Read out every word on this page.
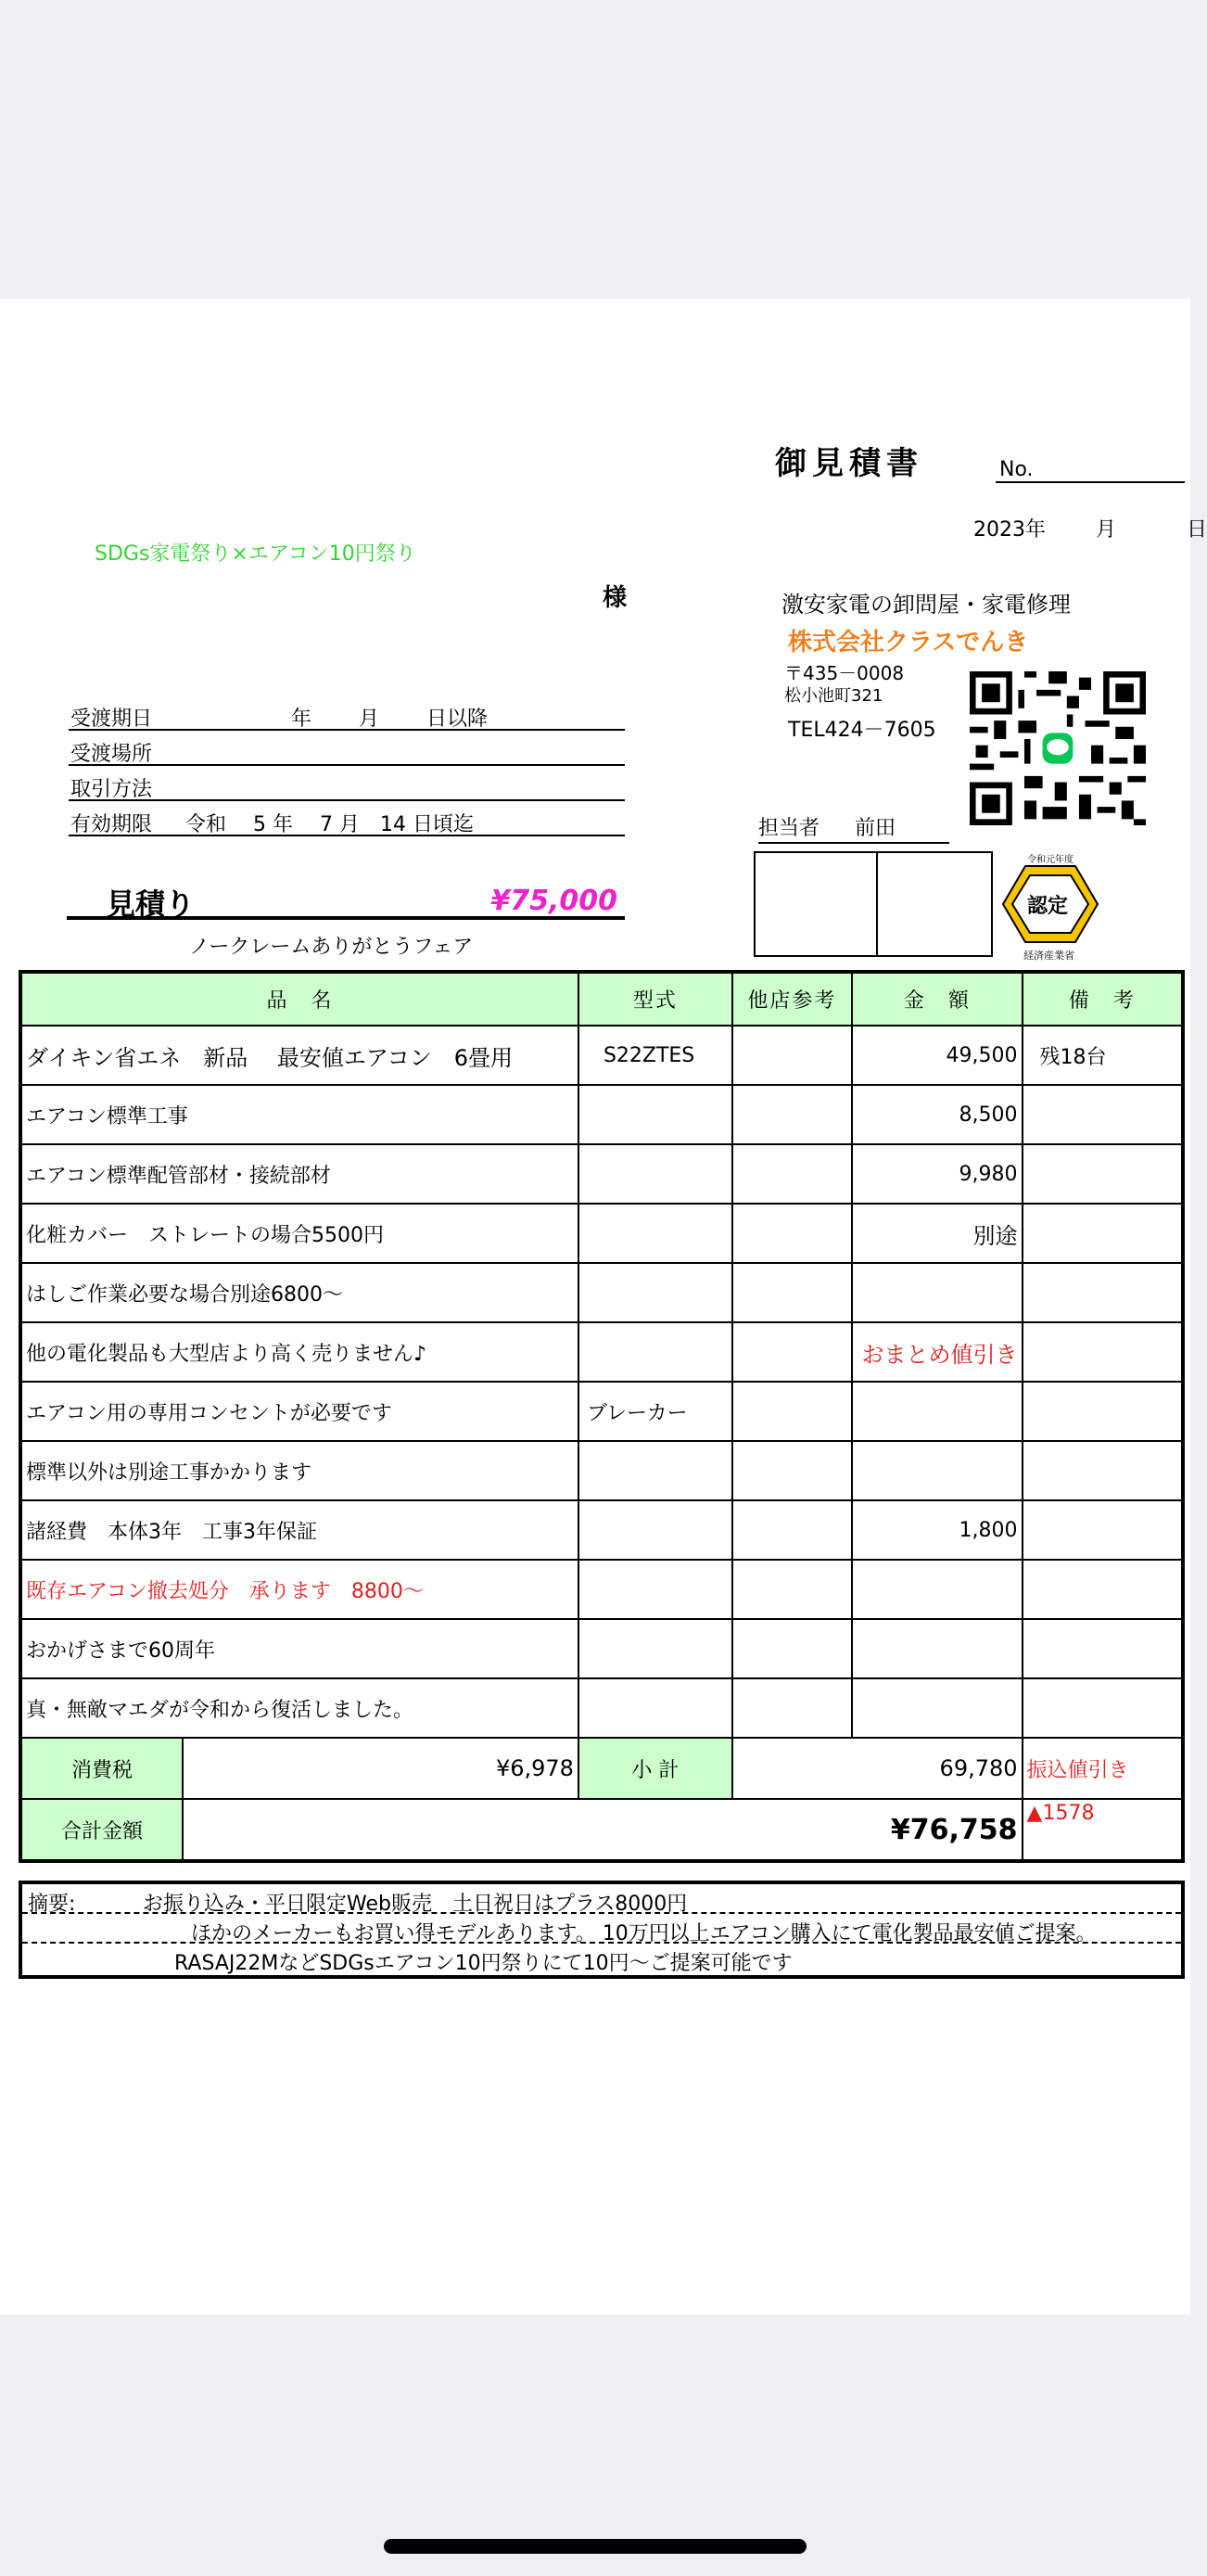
御見積書	No.
2023年 月	日
SDGs家電祭り×エアコン10円祭り
様	激安家電の卸問屋・家電修理
株式会社クラスでんき
〒435－0008
松小池町321
TEL424－7605
受渡期日	年　　 月　　 日以降
受渡場所
取引方法
有効期限 令和　 5 年　 7 月　14 日頃迄	担当者 前田
令和元年度
認定
経済産業省
見積り	¥75,000
ノークレームありがとうフェア
品　名	型式	他店参考	金　額	備　考
ダイキン省エネ　新品　 最安値エアコン　6畳用	S22ZTES		49,500	残18台
エアコン標準工事			8,500	
エアコン標準配管部材・接続部材			9,980	
化粧カバー　ストレートの場合5500円			別途	
はしご作業必要な場合別途6800～				
他の電化製品も大型店より高く売りません♪			おまとめ値引き	
エアコン用の専用コンセントが必要です	ブレーカー			
標準以外は別途工事かかります				
諸経費　本体3年　工事3年保証			1,800	
既存エアコン撤去処分　承ります　8800～				
おかげさまで60周年				
真・無敵マエダが令和から復活しました。				

消費税 ¥6,978	小 計	69,780		振込値引き

合計金額 ¥76,758				▲1578
摘要:	お振り込み・平日限定Web販売　土日祝日はプラス8000円
ほかのメーカーもお買い得モデルあります。 10万円以上エアコン購入にて電化製品最安値ご提案。
RASAJ22MなどSDGsエアコン10円祭りにて10円～ご提案可能です
